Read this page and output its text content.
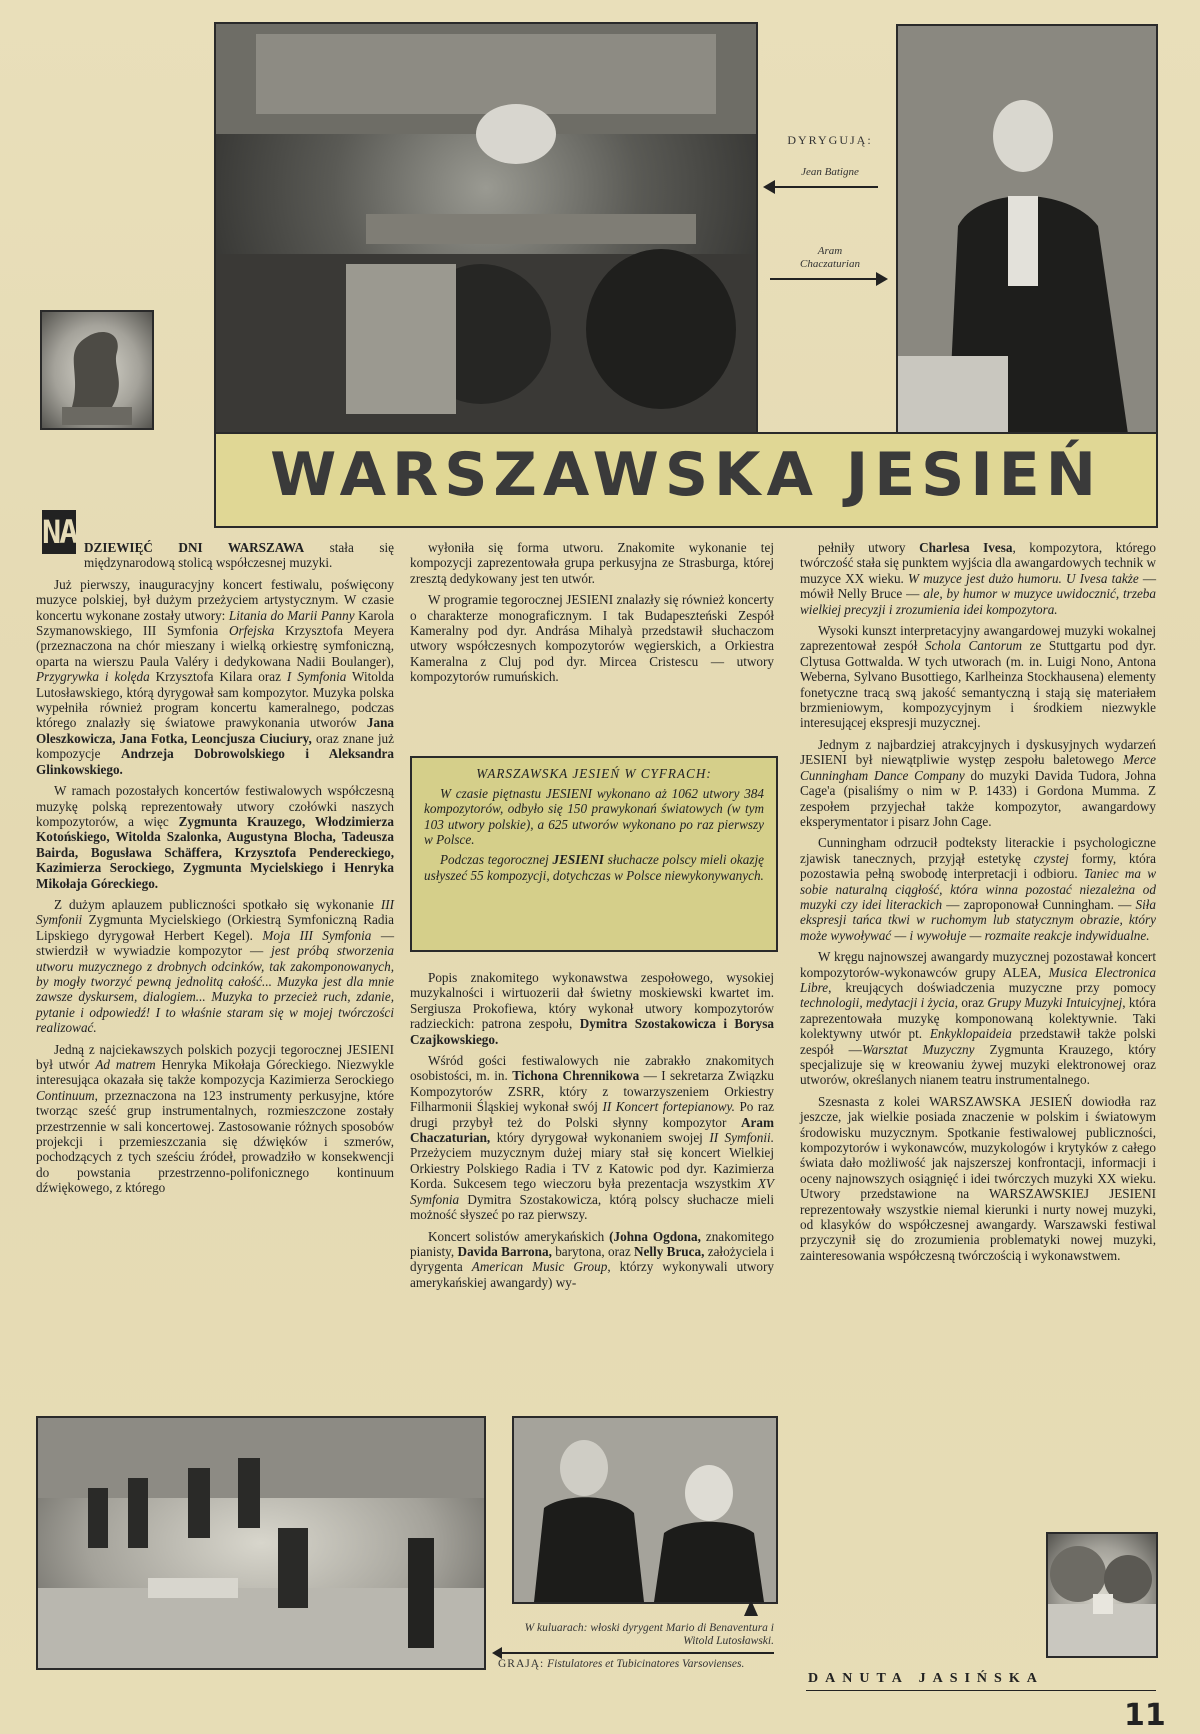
DYRYGUJĄ:
Jean Batigne
Aram
Chaczaturian
WARSZAWSKA JESIEŃ
NA DZIEWIĘĆ DNI WARSZAWA stała się międzynarodową stolicą współczesnej muzyki.

Już pierwszy, inauguracyjny koncert festiwalu, poświęcony muzyce polskiej, był dużym przeżyciem artystycznym. W czasie koncertu wykonane zostały utwory: Litania do Marii Panny Karola Szymanowskiego, III Symfonia Orfejska Krzysztofa Meyera (przeznaczona na chór mieszany i wielką orkiestrę symfoniczną, oparta na wierszu Paula Valéry i dedykowana Nadii Boulanger), Przygrywka i kolęda Krzysztofa Kilara oraz I Symfonia Witolda Lutosławskiego, którą dyrygował sam kompozytor. Muzyka polska wypełniła również program koncertu kameralnego, podczas którego znalazły się światowe prawykonania utworów Jana Oleszkowicza, Jana Fotka, Leoncjusza Ciuciury, oraz znane już kompozycje Andrzeja Dobrowolskiego i Aleksandra Glinkowskiego.

W ramach pozostałych koncertów festiwalowych współczesną muzykę polską reprezentowały utwory czołówki naszych kompozytorów, a więc Zygmunta Krauzego, Włodzimierza Kotońskiego, Witolda Szalonka, Augustyna Blocha, Tadeusza Bairda, Bogusława Schäffera, Krzysztofa Pendereckiego, Kazimierza Serockiego, Zygmunta Mycielskiego i Henryka Mikołaja Góreckiego.

Z dużym aplauzem publiczności spotkało się wykonanie III Symfonii Zygmunta Mycielskiego (Orkiestrą Symfoniczną Radia Lipskiego dyrygował Herbert Kegel). Moja III Symfonia — stwierdził w wywiadzie kompozytor — jest próbą stworzenia utworu muzycznego z drobnych odcinków, tak zakomponowanych, by mogły tworzyć pewną jednolitą całość... Muzyka jest dla mnie zawsze dyskursem, dialogiem... Muzyka to przecież ruch, zdanie, pytanie i odpowiedź! I to właśnie staram się w mojej twórczości realizować.

Jedną z najciekawszych polskich pozycji tegorocznej JESIENI był utwór Ad matrem Henryka Mikołaja Góreckiego. Niezwykle interesująca okazała się także kompozycja Kazimierza Serockiego Continuum, przeznaczona na 123 instrumenty perkusyjne, które tworząc sześć grup instrumentalnych, rozmieszczone zostały przestrzennie w sali koncertowej. Zastosowanie różnych sposobów projekcji i przemieszczania się dźwięków i szmerów, pochodzących z tych sześciu źródeł, prowadziło w konsekwencji do powstania przestrzenno-polifonicznego kontinuum dźwiękowego, z którego

wyłoniła się forma utworu. Znakomite wykonanie tej kompozycji zaprezentowała grupa perkusyjna ze Strasburga, której zresztą dedykowany jest ten utwór.

W programie tegorocznej JESIENI znalazły się również koncerty o charakterze monograficznym. I tak Budapeszteński Zespół Kameralny pod dyr. Andrása Mihalyà przedstawił słuchaczom utwory współczesnych kompozytorów węgierskich, a Orkiestra Kameralna z Cluj pod dyr. Mircea Cristescu — utwory kompozytorów rumuńskich.

WARSZAWSKA JESIEŃ W CYFRACH:

W czasie piętnastu JESIENI wykonano aż 1062 utwory 384 kompozytorów, odbyło się 150 prawykonań światowych (w tym 103 utwory polskie), a 625 utworów wykonano po raz pierwszy w Polsce.

Podczas tegorocznej JESIENI słuchacze polscy mieli okazję usłyszeć 55 kompozycji, dotychczas w Polsce niewykonywanych.

Popis znakomitego wykonawstwa zespołowego, wysokiej muzykalności i wirtuozerii dał świetny moskiewski kwartet im. Sergiusza Prokofiewa, który wykonał utwory kompozytorów radzieckich: patrona zespołu, Dymitra Szostakowicza i Borysa Czajkowskiego.

Wśród gości festiwalowych nie zabrakło znakomitych osobistości, m. in. Tichona Chrennikowa — I sekretarza Związku Kompozytorów ZSRR, który z towarzyszeniem Orkiestry Filharmonii Śląskiej wykonał swój II Koncert fortepianowy. Po raz drugi przybył też do Polski słynny kompozytor Aram Chaczaturian, który dyrygował wykonaniem swojej II Symfonii. Przeżyciem muzycznym dużej miary stał się koncert Wielkiej Orkiestry Polskiego Radia i TV z Katowic pod dyr. Kazimierza Korda. Sukcesem tego wieczoru była prezentacja wszystkim XV Symfonia Dymitra Szostakowicza, którą polscy słuchacze mieli możność słyszeć po raz pierwszy.

Koncert solistów amerykańskich (Johna Ogdona, znakomitego pianisty, Davida Barrona, barytona, oraz Nelly Bruca, założyciela i dyrygenta American Music Group, którzy wykonywali utwory amerykańskiej awangardy) wy-

pełniły utwory Charlesa Ivesa, kompozytora, którego twórczość stała się punktem wyjścia dla awangardowych technik w muzyce XX wieku. W muzyce jest dużo humoru. U Ivesa także — mówił Nelly Bruce — ale, by humor w muzyce uwidocznić, trzeba wielkiej precyzji i zrozumienia idei kompozytora.

Wysoki kunszt interpretacyjny awangardowej muzyki wokalnej zaprezentował zespół Schola Cantorum ze Stuttgartu pod dyr. Clytusa Gottwalda. W tych utworach (m. in. Luigi Nono, Antona Weberna, Sylvano Busottiego, Karlheinza Stockhausena) elementy fonetyczne tracą swą jakość semantyczną i stają się materiałem brzmieniowym, kompozycyjnym i środkiem niezwykle interesującej ekspresji muzycznej.

Jednym z najbardziej atrakcyjnych i dyskusyjnych wydarzeń JESIENI był niewątpliwie występ zespołu baletowego Merce Cunningham Dance Company do muzyki Davida Tudora, Johna Cage'a (pisaliśmy o nim w P. 1433) i Gordona Mumma. Z zespołem przyjechał także kompozytor, awangardowy eksperymentator i pisarz John Cage.

Cunningham odrzucił podteksty literackie i psychologiczne zjawisk tanecznych, przyjął estetykę czystej formy, która pozostawia pełną swobodę interpretacji i odbioru. Taniec ma w sobie naturalną ciągłość, która winna pozostać niezależna od muzyki czy idei literackich — zaproponował Cunningham. — Siła ekspresji tańca tkwi w ruchomym lub statycznym obrazie, który może wywoływać — i wywołuje — rozmaite reakcje indywidualne.

W kręgu najnowszej awangardy muzycznej pozostawał koncert kompozytorów-wykonawców grupy ALEA, Musica Electronica Libre, kreujących doświadczenia muzyczne przy pomocy technologii, medytacji i życia, oraz Grupy Muzyki Intuicyjnej, która zaprezentowała muzykę komponowaną kolektywnie. Taki kolektywny utwór pt. Enkyklopaideia przedstawił także polski zespół —Warsztat Muzyczny Zygmunta Krauzego, który specjalizuje się w kreowaniu żywej muzyki elektronowej oraz utworów, określanych nianem teatru instrumentalnego.

Szesnasta z kolei WARSZAWSKA JESIEŃ dowiodła raz jeszcze, jak wielkie posiada znaczenie w polskim i światowym środowisku muzycznym. Spotkanie festiwalowej publiczności, kompozytorów i wykonawców, muzykologów i krytyków z całego świata dało możliwość jak najszerszej konfrontacji, informacji i oceny najnowszych osiągnięć i idei twórczych muzyki XX wieku. Utwory przedstawione na WARSZAWSKIEJ JESIENI reprezentowały wszystkie niemal kierunki i nurty nowej muzyki, od klasyków do współczesnej awangardy. Warszawski festiwal przyczynił się do zrozumienia problematyki nowej muzyki, zainteresowania współczesną twórczością i wykonawstwem.

W kuluarach: włoski dyrygent Mario di Benaventura i Witold Lutosławski.
GRAJĄ: Fistulatores et Tubicinatores Varsovienses.
DANUTA JASIŃSKA
11
